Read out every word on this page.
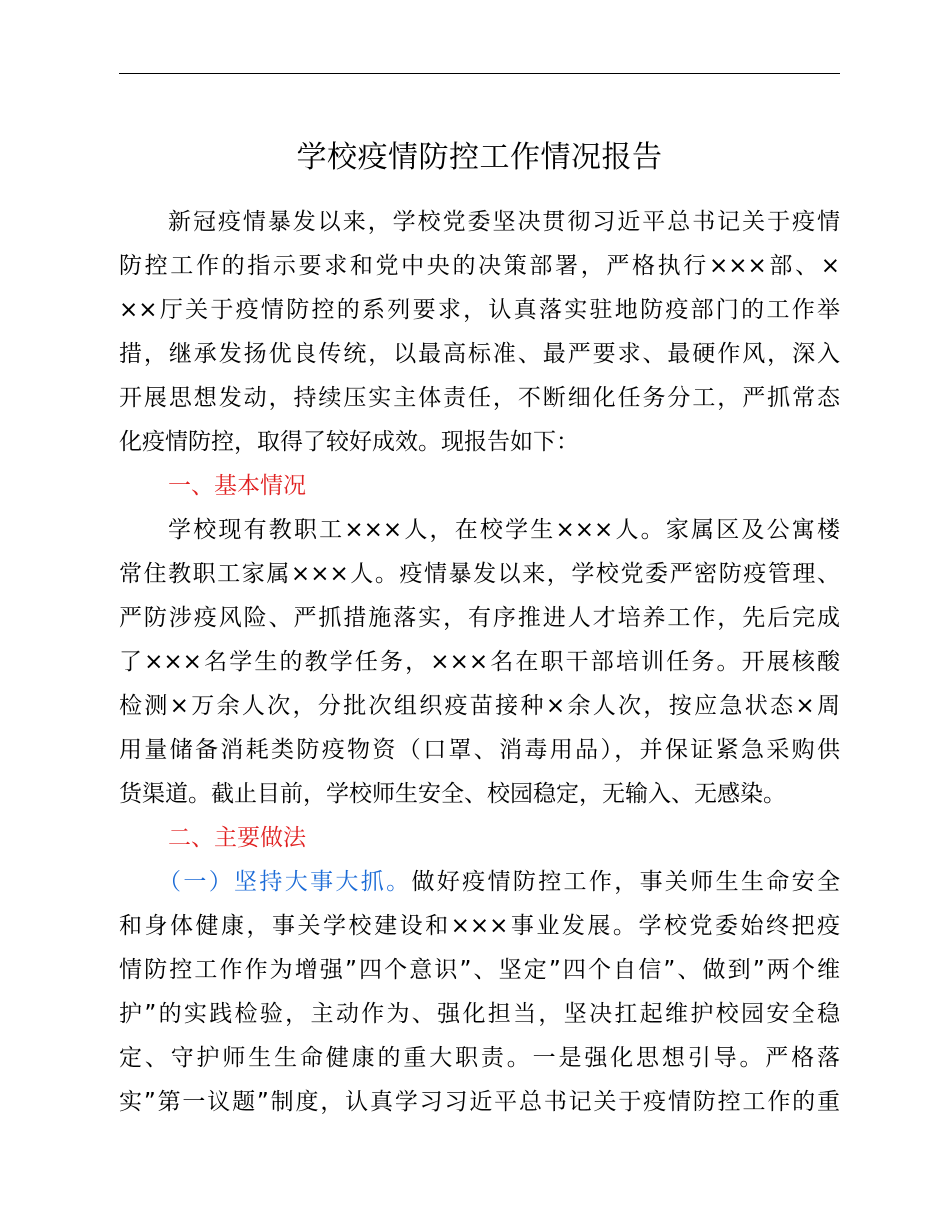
学校疫情防控工作情况报告
新冠疫情暴发以来，学校党委坚决贯彻习近平总书记关于疫情
防控工作的指示要求和党中央的决策部署，严格执行×××部、×
××厅关于疫情防控的系列要求，认真落实驻地防疫部门的工作举
措，继承发扬优良传统，以最高标准、最严要求、最硬作风，深入
开展思想发动，持续压实主体责任，不断细化任务分工，严抓常态
化疫情防控，取得了较好成效。现报告如下：
一、基本情况
学校现有教职工×××人，在校学生×××人。家属区及公寓楼
常住教职工家属×××人。疫情暴发以来，学校党委严密防疫管理、
严防涉疫风险、严抓措施落实，有序推进人才培养工作，先后完成
了×××名学生的教学任务，×××名在职干部培训任务。开展核酸
检测×万余人次，分批次组织疫苗接种×余人次，按应急状态×周
用量储备消耗类防疫物资（口罩、消毒用品），并保证紧急采购供
货渠道。截止目前，学校师生安全、校园稳定，无输入、无感染。
二、主要做法
（一）坚持大事大抓。做好疫情防控工作，事关师生生命安全
和身体健康，事关学校建设和×××事业发展。学校党委始终把疫
情防控工作作为增强”四个意识”、坚定”四个自信”、做到”两个维
护”的实践检验，主动作为、强化担当，坚决扛起维护校园安全稳
定、守护师生生命健康的重大职责。一是强化思想引导。严格落
实”第一议题”制度，认真学习习近平总书记关于疫情防控工作的重
